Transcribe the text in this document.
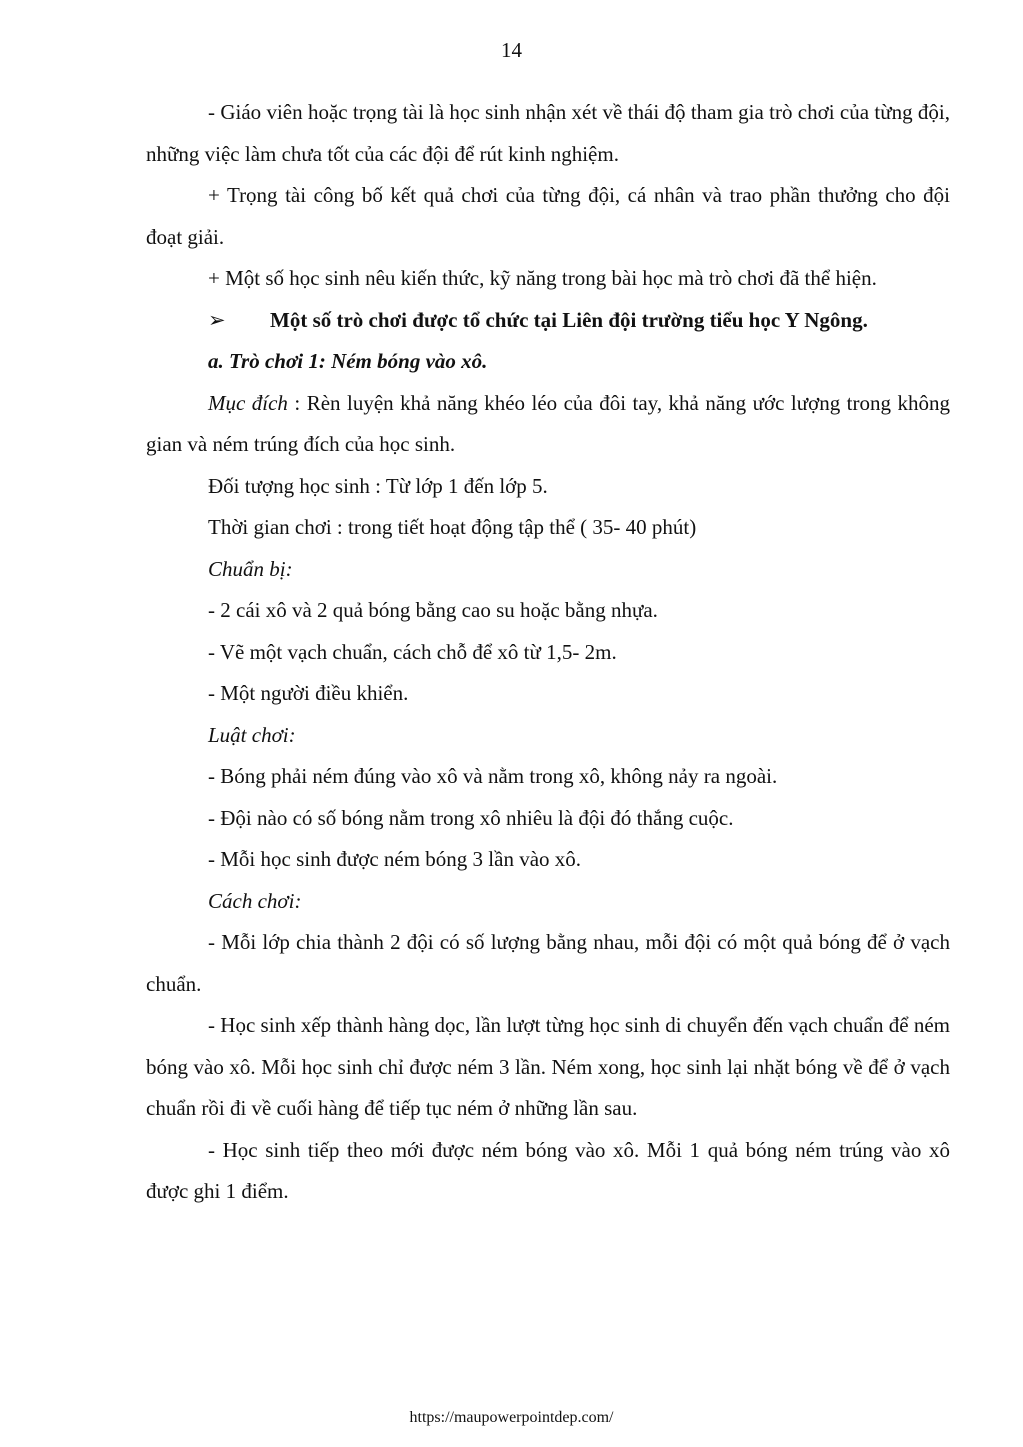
14

- Giáo viên hoặc trọng tài là học sinh nhận xét về thái độ tham gia trò chơi của từng đội, những việc làm chưa tốt của các đội để rút kinh nghiệm.

+ Trọng tài công bố kết quả chơi của từng đội, cá nhân và trao phần thưởng cho đội đoạt giải.

+ Một số học sinh nêu kiến thức, kỹ năng trong bài học mà trò chơi đã thể hiện.

➢ Một số trò chơi được tổ chức tại Liên đội trường tiểu học Y Ngông.

a. Trò chơi 1: Ném bóng vào xô.

Mục đích : Rèn luyện khả năng khéo léo của đôi tay, khả năng ước lượng trong không gian và ném trúng đích của học sinh.

Đối tượng học sinh : Từ lớp 1 đến lớp 5.

Thời gian chơi : trong tiết hoạt động tập thể ( 35- 40 phút)

Chuẩn bị:

- 2 cái xô và 2 quả bóng bằng cao su hoặc bằng nhựa.

- Vẽ một vạch chuẩn, cách chỗ để xô từ 1,5- 2m.

- Một người điều khiển.

Luật chơi:

- Bóng phải ném đúng vào xô và nằm trong xô, không nảy ra ngoài.

- Đội nào có số bóng nằm trong xô nhiêu là đội đó thắng cuộc.

- Mỗi học sinh được ném bóng 3 lần vào xô.

Cách chơi:

- Mỗi lớp chia thành 2 đội có số lượng bằng nhau, mỗi đội có một quả bóng để ở vạch chuẩn.

- Học sinh xếp thành hàng dọc, lần lượt từng học sinh di chuyển đến vạch chuẩn để ném bóng vào xô. Mỗi học sinh chỉ được ném 3 lần. Ném xong, học sinh lại nhặt bóng về để ở vạch chuẩn rồi đi về cuối hàng để tiếp tục ném ở những lần sau.

- Học sinh tiếp theo mới được ném bóng vào xô. Mỗi 1 quả bóng ném trúng vào xô được ghi 1 điểm.

https://maupowerpointdep.com/
